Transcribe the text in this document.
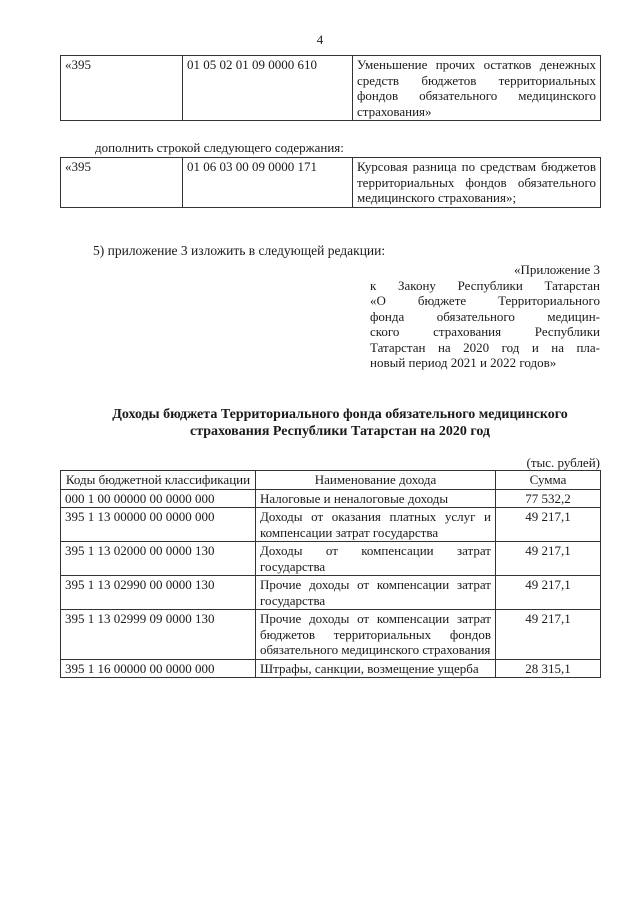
4
«395	01 05 02 01 09 0000 610	Уменьшение прочих остатков денежных средств бюджетов территориальных фондов обязательного медицинского страхования»
дополнить строкой следующего содержания:
«395	01 06 03 00 09 0000 171	Курсовая разница по средствам бюджетов территориальных фондов обязательного медицинского страхования»;
5) приложение 3 изложить в следующей редакции:
«Приложение 3
к Закону Республики Татарстан
«О бюджете Территориального
фонда обязательного медицин-
ского страхования Республики
Татарстан на 2020 год и на пла-
новый период 2021 и 2022 годов»
Доходы бюджета Территориального фонда обязательного медицинского
страхования Республики Татарстан на 2020 год
(тыс. рублей)
Коды бюджетной классификации	Наименование дохода	Сумма
000 1 00 00000 00 0000 000	Налоговые и неналоговые доходы	77 532,2
395 1 13 00000 00 0000 000	Доходы от оказания платных услуг и компенсации затрат государства	49 217,1
395 1 13 02000 00 0000 130	Доходы от компенсации затрат государства	49 217,1
395 1 13 02990 00 0000 130	Прочие доходы от компенсации затрат государства	49 217,1
395 1 13 02999 09 0000 130	Прочие доходы от компенсации затрат бюджетов территориальных фондов обязательного медицинского страхования	49 217,1
395 1 16 00000 00 0000 000	Штрафы, санкции, возмещение ущерба	28 315,1
